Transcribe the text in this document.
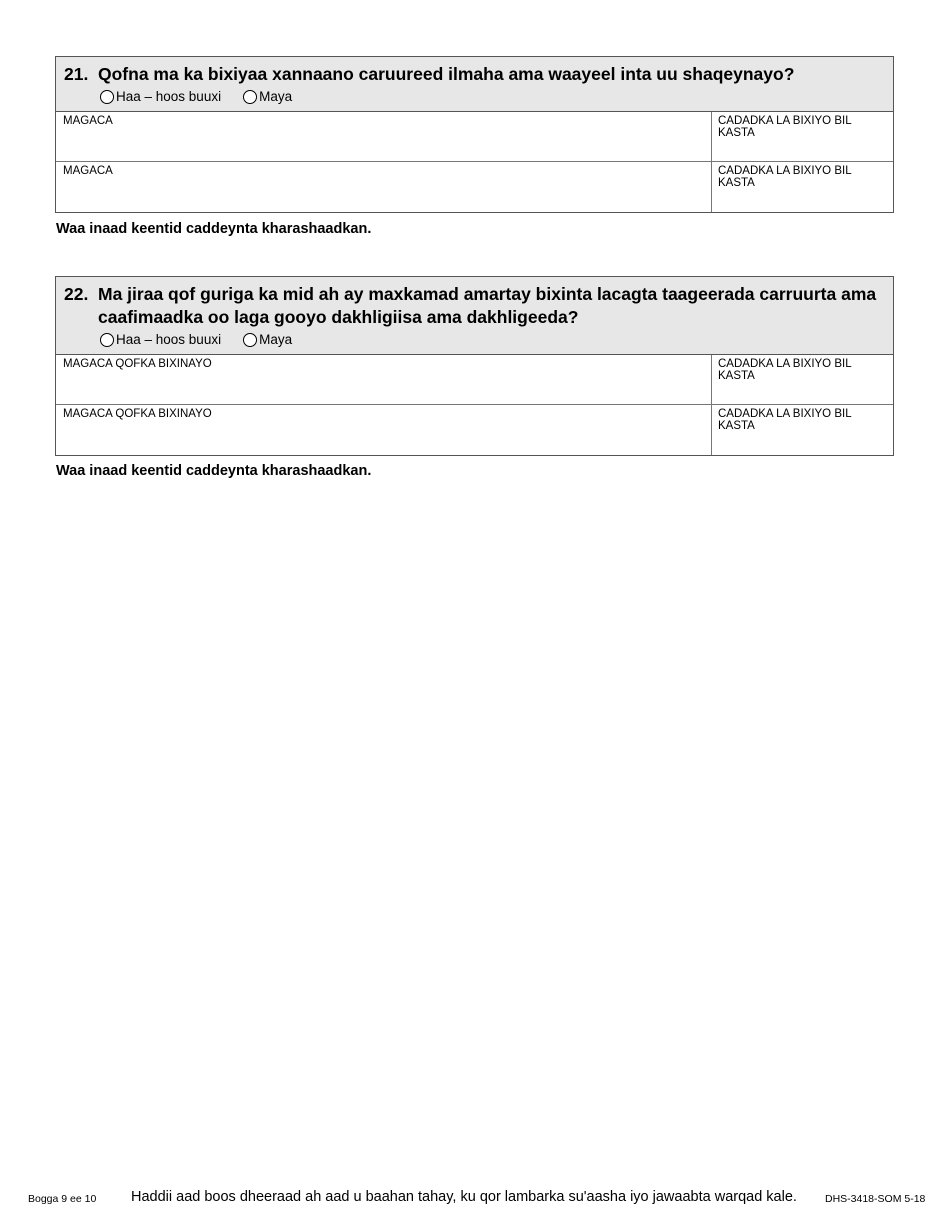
21. Qofna ma ka bixiyaa xannaano caruureed ilmaha ama waayeel inta uu shaqeynayo?
Haa – hoos buuxi	Maya
MAGACA	CADADKA LA BIXIYO BIL KASTA
MAGACA	CADADKA LA BIXIYO BIL KASTA
Waa inaad keentid caddeynta kharashaadkan.
22. Ma jiraa qof guriga ka mid ah ay maxkamad amartay bixinta lacagta taageerada carruurta ama caafimaadka oo laga gooyo dakhligiisa ama dakhligeeda?
Haa – hoos buuxi	Maya
MAGACA QOFKA BIXINAYO	CADADKA LA BIXIYO BIL KASTA
MAGACA QOFKA BIXINAYO	CADADKA LA BIXIYO BIL KASTA
Waa inaad keentid caddeynta kharashaadkan.
Bogga 9 ee 10 Haddii aad boos dheeraad ah aad u baahan tahay, ku qor lambarka su'aasha iyo jawaabta warqad kale.	DHS-3418-SOM 5-18
